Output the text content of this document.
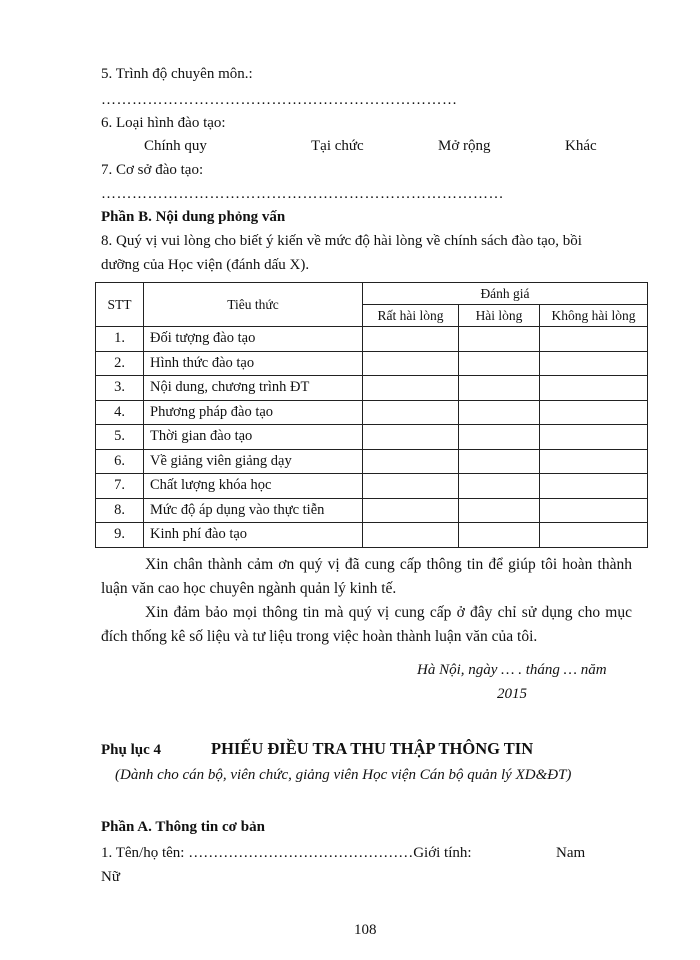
5. Trình độ chuyên môn.:
……………………………………………………………
6. Loại hình đào tạo:
Chính quy	Tại chức	Mở rộng	Khác
7. Cơ sở đào tạo:
……………………………………………………………………
Phần B. Nội dung phỏng vấn
8. Quý vị vui lòng cho biết ý kiến về mức độ hài lòng về chính sách đào tạo, bồi
dưỡng của Học viện (đánh dấu X).
STT	Tiêu thức	Đánh giá		
		Rất hài lòng	Hài lòng	Không hài lòng
1.	Đối tượng đào tạo			
2.	Hình thức đào tạo			
3.	Nội dung, chương trình ĐT			
4.	Phương pháp đào tạo			
5.	Thời gian đào tạo			
6.	Về giảng viên giảng dạy			
7.	Chất lượng khóa học			
8.	Mức độ áp dụng vào thực tiễn			
9.	Kinh phí đào tạo			
Xin chân thành cảm ơn quý vị đã cung cấp thông tin để giúp tôi hoàn thành luận văn cao học chuyên ngành quản lý kinh tế.
Xin đảm bảo mọi thông tin mà quý vị cung cấp ở đây chỉ sử dụng cho mục đích thống kê số liệu và tư liệu trong việc hoàn thành luận văn của tôi.
Hà Nội, ngày … . tháng … năm
2015
Phụ lục 4	PHIẾU ĐIỀU TRA THU THẬP THÔNG TIN
(Dành cho cán bộ, viên chức, giảng viên Học viện Cán bộ quản lý XD&ĐT)
Phần A. Thông tin cơ bản
1. Tên/họ tên: ………………………………………Giới tính:	Nam
Nữ
108
